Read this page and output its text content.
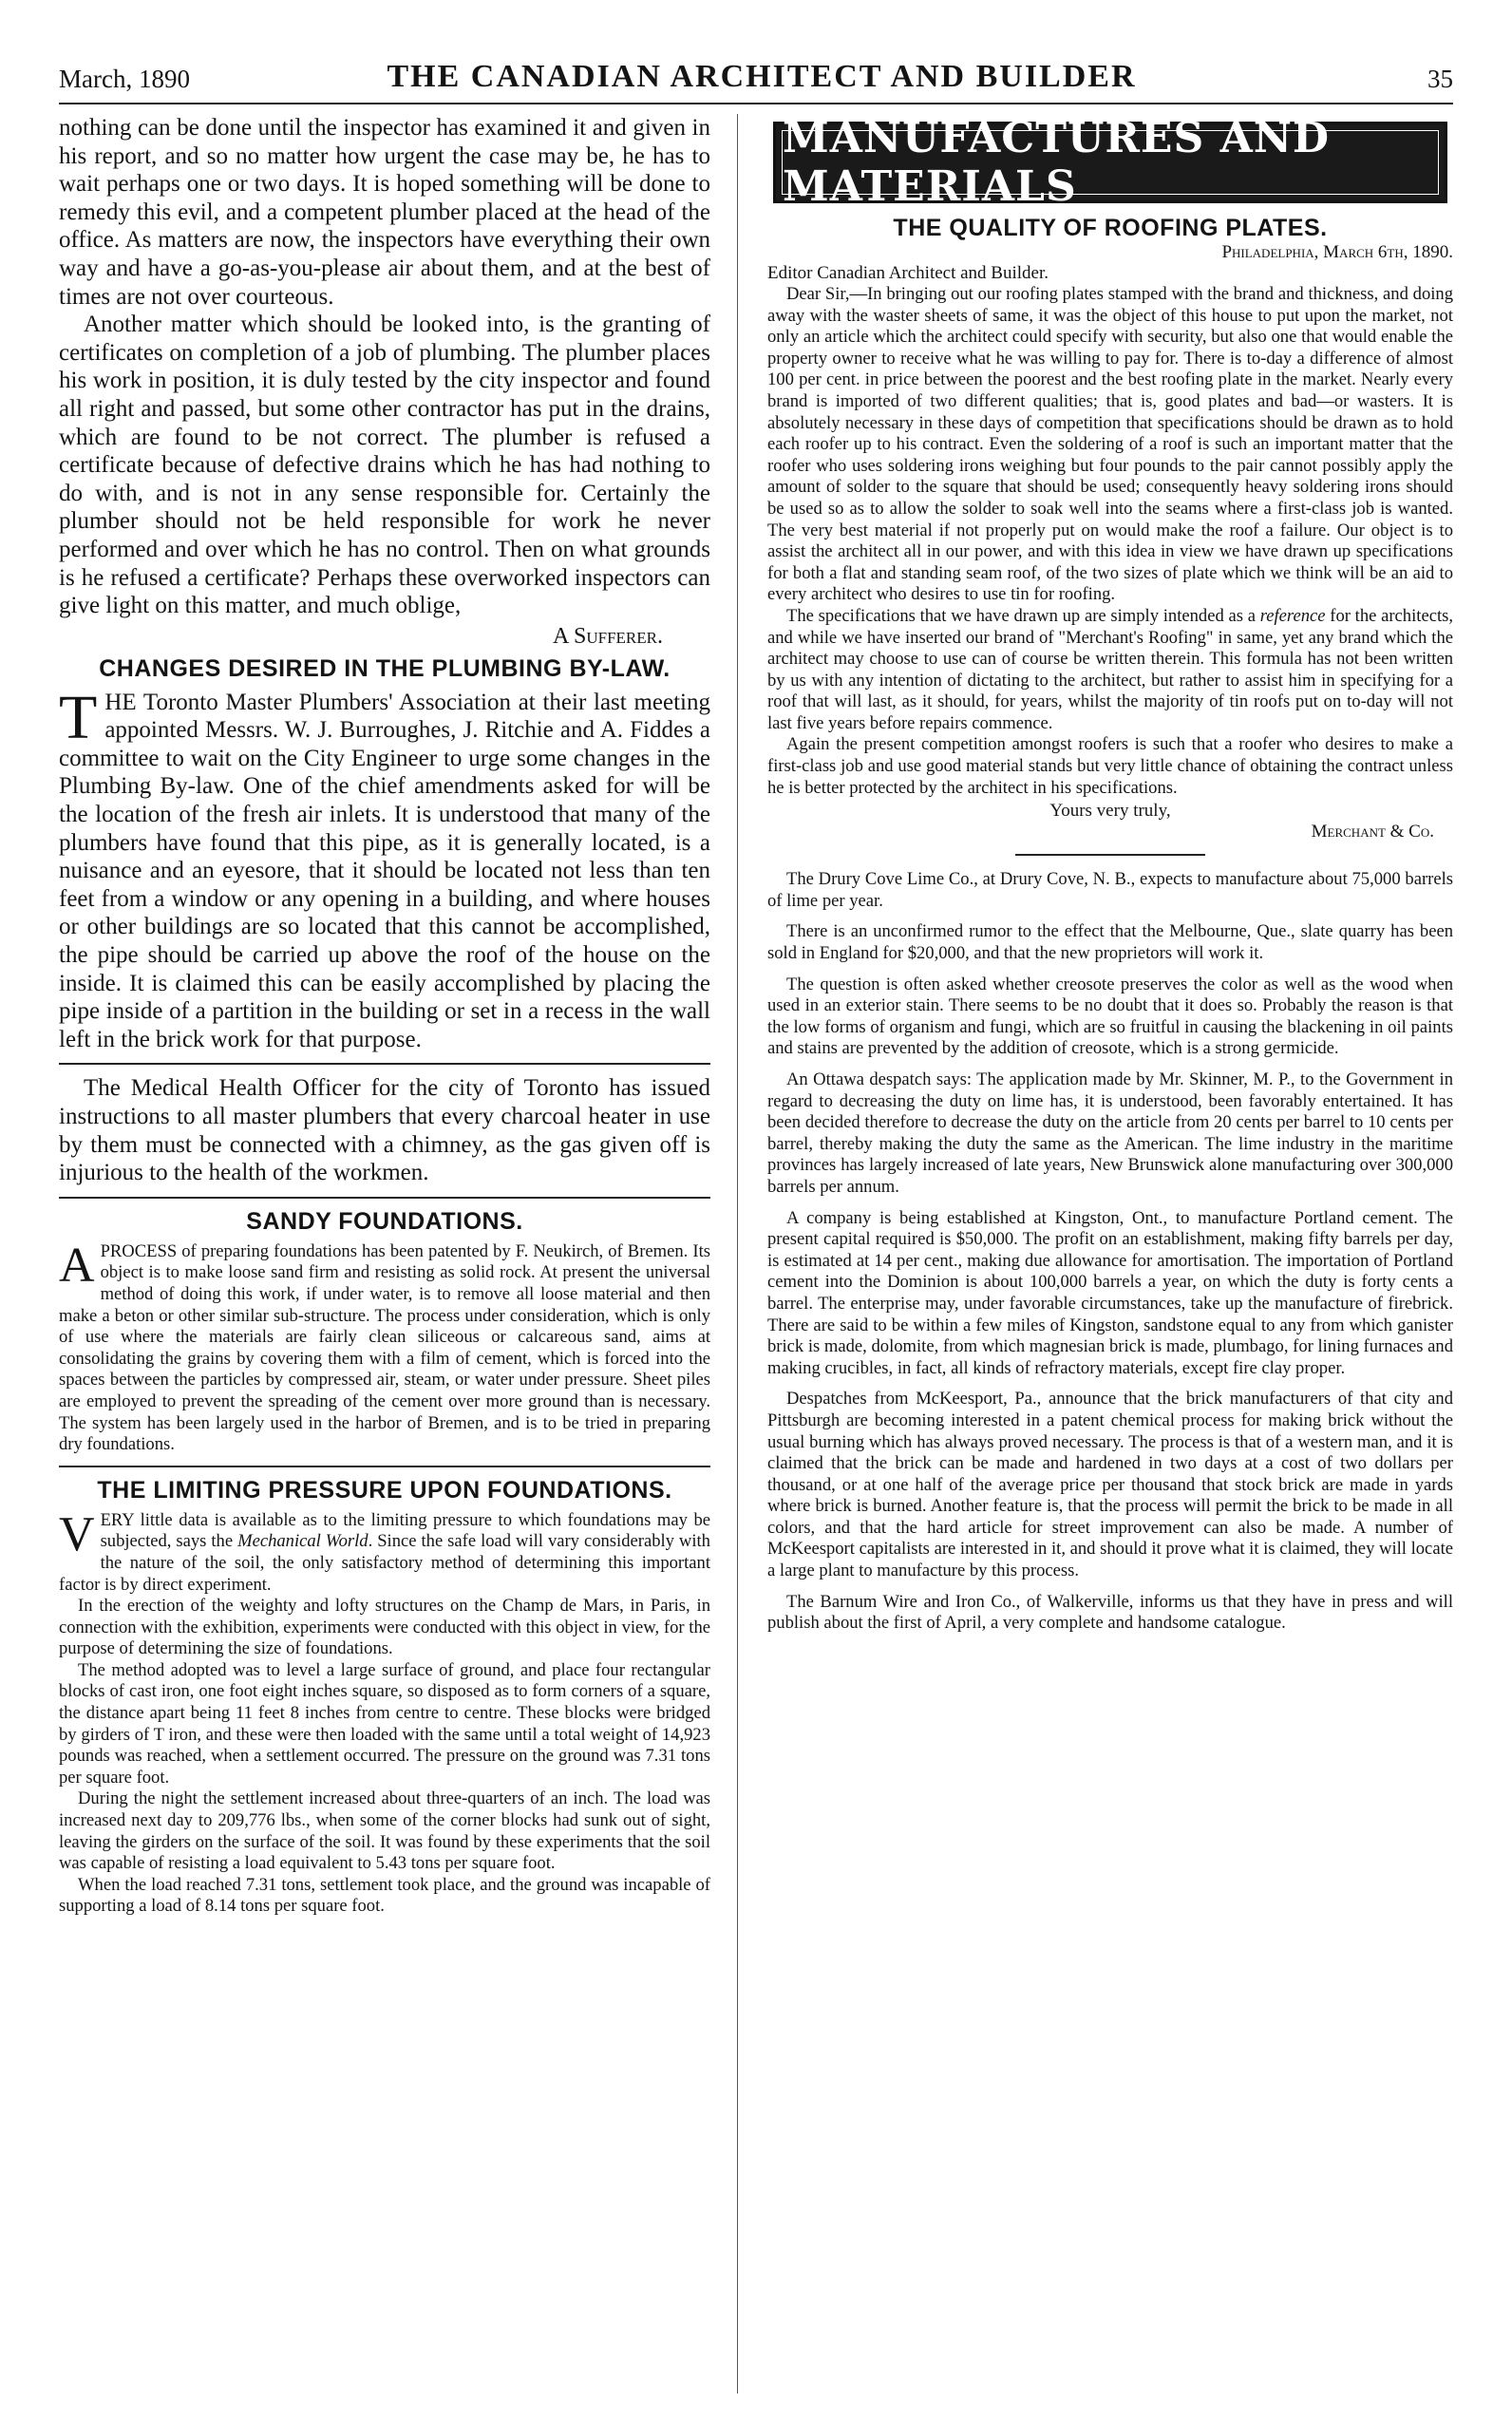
March, 1890	THE CANADIAN ARCHITECT AND BUILDER	35

nothing can be done until the inspector has examined it and given in his report, and so no matter how urgent the case may be, he has to wait perhaps one or two days. It is hoped something will be done to remedy this evil, and a competent plumber placed at the head of the office. As matters are now, the inspectors have everything their own way and have a go-as-you-please air about them, and at the best of times are not over courteous.

Another matter which should be looked into, is the granting of certificates on completion of a job of plumbing. The plumber places his work in position, it is duly tested by the city inspector and found all right and passed, but some other contractor has put in the drains, which are found to be not correct. The plumber is refused a certificate because of defective drains which he has had nothing to do with, and is not in any sense responsible for. Certainly the plumber should not be held responsible for work he never performed and over which he has no control. Then on what grounds is he refused a certificate? Perhaps these overworked inspectors can give light on this matter, and much oblige,

A Sufferer.
CHANGES DESIRED IN THE PLUMBING BY-LAW.
T HE Toronto Master Plumbers' Association at their last meeting appointed Messrs. W. J. Burroughes, J. Ritchie and A. Fiddes a committee to wait on the City Engineer to urge some changes in the Plumbing By-law. One of the chief amendments asked for will be the location of the fresh air inlets. It is understood that many of the plumbers have found that this pipe, as it is generally located, is a nuisance and an eyesore, that it should be located not less than ten feet from a window or any opening in a building, and where houses or other buildings are so located that this cannot be accomplished, the pipe should be carried up above the roof of the house on the inside. It is claimed this can be easily accomplished by placing the pipe inside of a partition in the building or set in a recess in the wall left in the brick work for that purpose.

The Medical Health Officer for the city of Toronto has issued instructions to all master plumbers that every charcoal heater in use by them must be connected with a chimney, as the gas given off is injurious to the health of the workmen.

SANDY FOUNDATIONS.
A PROCESS of preparing foundations has been patented by F. Neukirch, of Bremen. Its object is to make loose sand firm and resisting as solid rock. At present the universal method of doing this work, if under water, is to remove all loose material and then make a beton or other similar sub-structure. The process under consideration, which is only of use where the materials are fairly clean siliceous or calcareous sand, aims at consolidating the grains by covering them with a film of cement, which is forced into the spaces between the particles by compressed air, steam, or water under pressure. Sheet piles are employed to prevent the spreading of the cement over more ground than is necessary. The system has been largely used in the harbor of Bremen, and is to be tried in preparing dry foundations.

THE LIMITING PRESSURE UPON FOUNDATIONS.
V ERY little data is available as to the limiting pressure to which foundations may be subjected, says the Mechanical World. Since the safe load will vary considerably with the nature of the soil, the only satisfactory method of determining this important factor is by direct experiment.

In the erection of the weighty and lofty structures on the Champ de Mars, in Paris, in connection with the exhibition, experiments were conducted with this object in view, for the purpose of determining the size of foundations.

The method adopted was to level a large surface of ground, and place four rectangular blocks of cast iron, one foot eight inches square, so disposed as to form corners of a square, the distance apart being 11 feet 8 inches from centre to centre. These blocks were bridged by girders of T iron, and these were then loaded with the same until a total weight of 14,923 pounds was reached, when a settlement occurred. The pressure on the ground was 7.31 tons per square foot.

During the night the settlement increased about three-quarters of an inch. The load was increased next day to 209,776 lbs., when some of the corner blocks had sunk out of sight, leaving the girders on the surface of the soil. It was found by these experiments that the soil was capable of resisting a load equivalent to 5.43 tons per square foot.

When the load reached 7.31 tons, settlement took place, and the ground was incapable of supporting a load of 8.14 tons per square foot.

MANUFACTURES AND MATERIALS
THE QUALITY OF ROOFING PLATES.
Philadelphia, March 6th, 1890.
Editor Canadian Architect and Builder.

Dear Sir,—In bringing out our roofing plates stamped with the brand and thickness, and doing away with the waster sheets of same, it was the object of this house to put upon the market, not only an article which the architect could specify with security, but also one that would enable the property owner to receive what he was willing to pay for. There is to-day a difference of almost 100 per cent. in price between the poorest and the best roofing plate in the market. Nearly every brand is imported of two different qualities; that is, good plates and bad—or wasters. It is absolutely necessary in these days of competition that specifications should be drawn as to hold each roofer up to his contract. Even the soldering of a roof is such an important matter that the roofer who uses soldering irons weighing but four pounds to the pair cannot possibly apply the amount of solder to the square that should be used; consequently heavy soldering irons should be used so as to allow the solder to soak well into the seams where a first-class job is wanted. The very best material if not properly put on would make the roof a failure. Our object is to assist the architect all in our power, and with this idea in view we have drawn up specifications for both a flat and standing seam roof, of the two sizes of plate which we think will be an aid to every architect who desires to use tin for roofing.

The specifications that we have drawn up are simply intended as a reference for the architects, and while we have inserted our brand of "Merchant's Roofing" in same, yet any brand which the architect may choose to use can of course be written therein. This formula has not been written by us with any intention of dictating to the architect, but rather to assist him in specifying for a roof that will last, as it should, for years, whilst the majority of tin roofs put on to-day will not last five years before repairs commence.

Again the present competition amongst roofers is such that a roofer who desires to make a first-class job and use good material stands but very little chance of obtaining the contract unless he is better protected by the architect in his specifications.

Yours very truly,
Merchant & Co.

The Drury Cove Lime Co., at Drury Cove, N. B., expects to manufacture about 75,000 barrels of lime per year.

There is an unconfirmed rumor to the effect that the Melbourne, Que., slate quarry has been sold in England for $20,000, and that the new proprietors will work it.

The question is often asked whether creosote preserves the color as well as the wood when used in an exterior stain. There seems to be no doubt that it does so. Probably the reason is that the low forms of organism and fungi, which are so fruitful in causing the blackening in oil paints and stains are prevented by the addition of creosote, which is a strong germicide.

An Ottawa despatch says: The application made by Mr. Skinner, M. P., to the Government in regard to decreasing the duty on lime has, it is understood, been favorably entertained. It has been decided therefore to decrease the duty on the article from 20 cents per barrel to 10 cents per barrel, thereby making the duty the same as the American. The lime industry in the maritime provinces has largely increased of late years, New Brunswick alone manufacturing over 300,000 barrels per annum.

A company is being established at Kingston, Ont., to manufacture Portland cement. The present capital required is $50,000. The profit on an establishment, making fifty barrels per day, is estimated at 14 per cent., making due allowance for amortisation. The importation of Portland cement into the Dominion is about 100,000 barrels a year, on which the duty is forty cents a barrel. The enterprise may, under favorable circumstances, take up the manufacture of firebrick. There are said to be within a few miles of Kingston, sandstone equal to any from which ganister brick is made, dolomite, from which magnesian brick is made, plumbago, for lining furnaces and making crucibles, in fact, all kinds of refractory materials, except fire clay proper.

Despatches from McKeesport, Pa., announce that the brick manufacturers of that city and Pittsburgh are becoming interested in a patent chemical process for making brick without the usual burning which has always proved necessary. The process is that of a western man, and it is claimed that the brick can be made and hardened in two days at a cost of two dollars per thousand, or at one half of the average price per thousand that stock brick are made in yards where brick is burned. Another feature is, that the process will permit the brick to be made in all colors, and that the hard article for street improvement can also be made. A number of McKeesport capitalists are interested in it, and should it prove what it is claimed, they will locate a large plant to manufacture by this process.

The Barnum Wire and Iron Co., of Walkerville, informs us that they have in press and will publish about the first of April, a very complete and handsome catalogue.
